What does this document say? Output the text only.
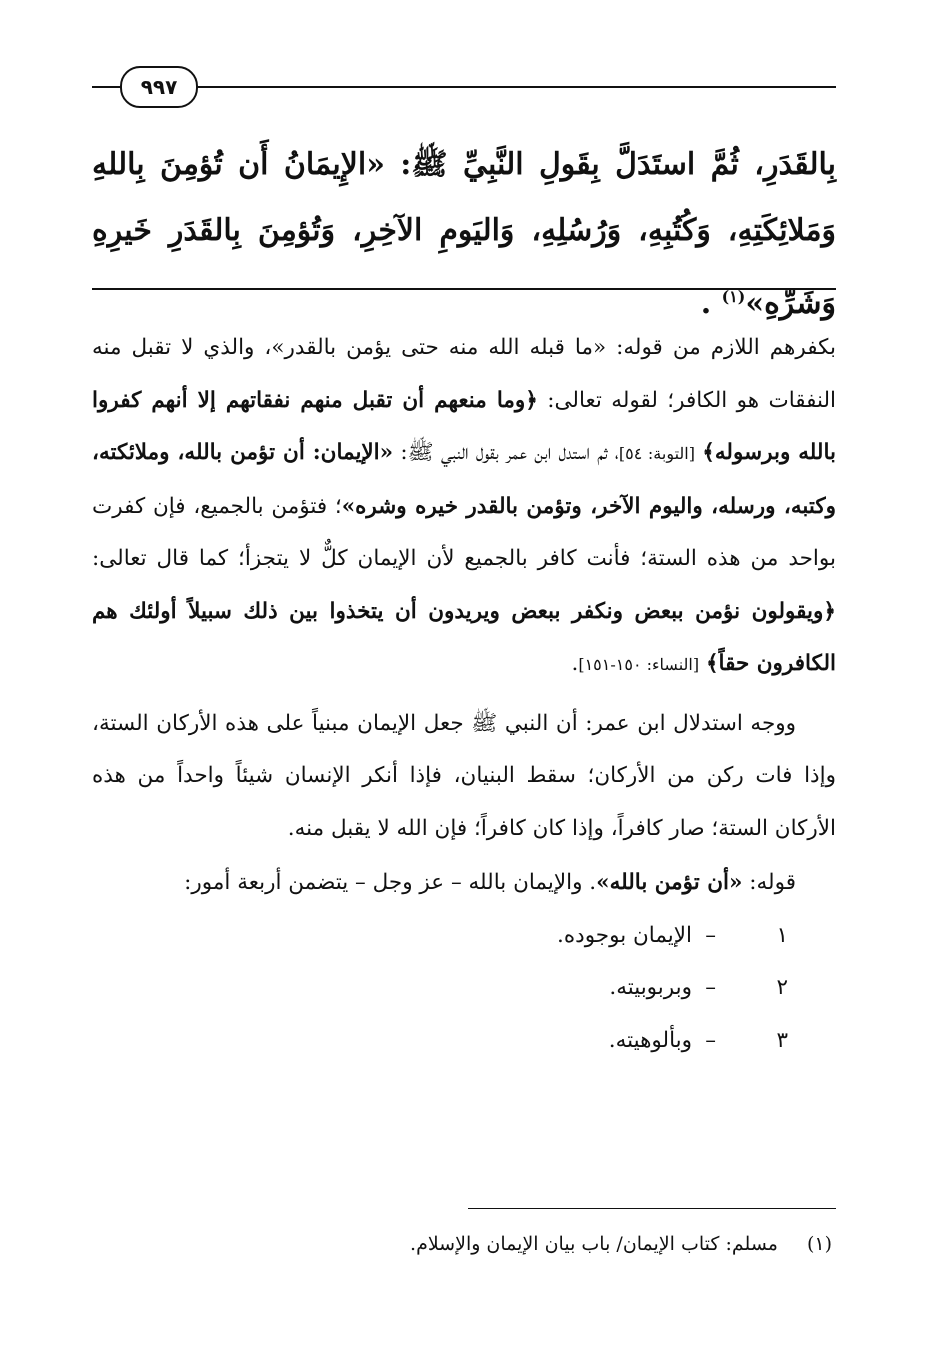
٩٩٧
بِالقَدَرِ، ثُمَّ استَدَلَّ بِقَولِ النَّبِيِّ ﷺ: «الإِيمَانُ أَن تُؤمِنَ بِاللهِ وَمَلائِكَتِهِ، وَكُتُبِهِ، وَرُسُلِهِ، وَاليَومِ الآخِرِ، وَتُؤمِنَ بِالقَدَرِ خَيرِهِ وَشَرِّهِ»$^{(١)}$ .

بكفرهم اللازم من قوله: «ما قبله الله منه حتى يؤمن بالقدر»، والذي لا تقبل منه النفقات هو الكافر؛ لقوله تعالى: ﴿وما منعهم أن تقبل منهم نفقاتهم إلا أنهم كفروا بالله وبرسوله﴾ [التوبة: ٥٤]، ثم استدل ابن عمر بقول النبي ﷺ: «الإيمان: أن تؤمن بالله، وملائكته، وكتبه، ورسله، واليوم الآخر، وتؤمن بالقدر خيره وشره»؛ فتؤمن بالجميع، فإن كفرت بواحد من هذه الستة؛ فأنت كافر بالجميع لأن الإيمان كلٌّ لا يتجزأ؛ كما قال تعالى: ﴿ويقولون نؤمن ببعض ونكفر ببعض ويريدون أن يتخذوا بين ذلك سبيلاً أولئك هم الكافرون حقاً﴾ [النساء: ١٥٠-١٥١].

ووجه استدلال ابن عمر: أن النبي ﷺ جعل الإيمان مبنياً على هذه الأركان الستة، وإذا فات ركن من الأركان؛ سقط البنيان، فإذا أنكر الإنسان شيئاً واحداً من هذه الأركان الستة؛ صار كافراً، وإذا كان كافراً؛ فإن الله لا يقبل منه.

قوله: «أن تؤمن بالله». والإيمان بالله – عز وجل – يتضمن أربعة أمور:

١
–
الإيمان بوجوده.
٢
–
وبربوبيته.
٣
–
وبألوهيته.
(١) مسلم: كتاب الإيمان/ باب بيان الإيمان والإسلام.
